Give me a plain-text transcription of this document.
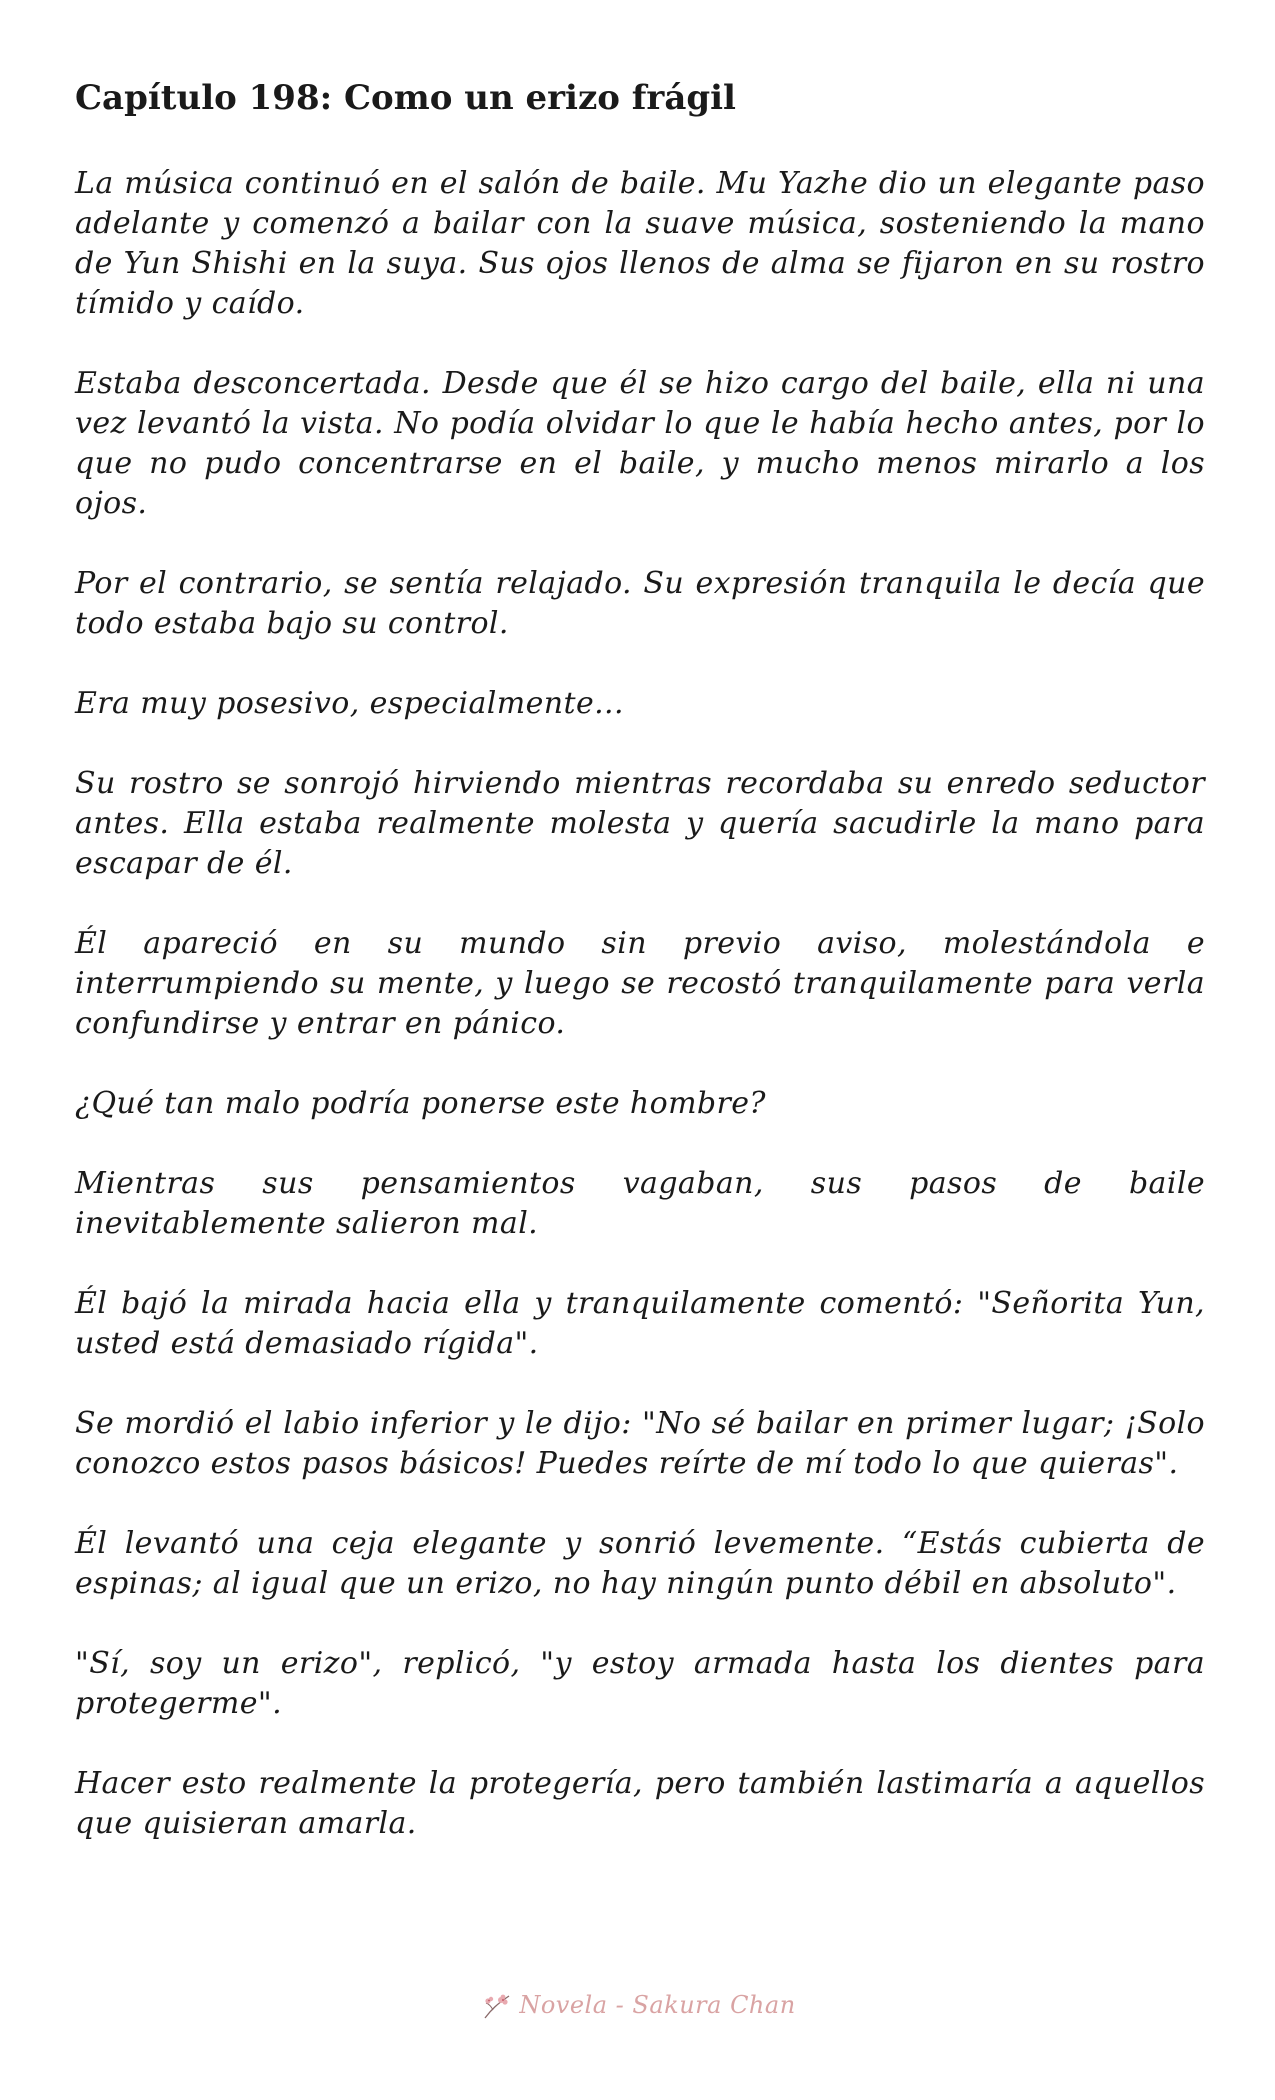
Capítulo 198: Como un erizo frágil

La música continuó en el salón de baile. Mu Yazhe dio un elegante paso adelante y comenzó a bailar con la suave música, sosteniendo la mano de Yun Shishi en la suya. Sus ojos llenos de alma se fijaron en su rostro tímido y caído.

Estaba desconcertada. Desde que él se hizo cargo del baile, ella ni una vez levantó la vista. No podía olvidar lo que le había hecho antes, por lo que no pudo concentrarse en el baile, y mucho menos mirarlo a los ojos.

Por el contrario, se sentía relajado. Su expresión tranquila le decía que todo estaba bajo su control.

Era muy posesivo, especialmente...

Su rostro se sonrojó hirviendo mientras recordaba su enredo seductor antes. Ella estaba realmente molesta y quería sacudirle la mano para escapar de él.

Él apareció en su mundo sin previo aviso, molestándola e interrumpiendo su mente, y luego se recostó tranquilamente para verla confundirse y entrar en pánico.

¿Qué tan malo podría ponerse este hombre?

Mientras sus pensamientos vagaban, sus pasos de baile inevitablemente salieron mal.

Él bajó la mirada hacia ella y tranquilamente comentó: "Señorita Yun, usted está demasiado rígida".

Se mordió el labio inferior y le dijo: "No sé bailar en primer lugar; ¡Solo conozco estos pasos básicos! Puedes reírte de mí todo lo que quieras".

Él levantó una ceja elegante y sonrió levemente. “Estás cubierta de espinas; al igual que un erizo, no hay ningún punto débil en absoluto".

"Sí, soy un erizo", replicó, "y estoy armada hasta los dientes para protegerme".

Hacer esto realmente la protegería, pero también lastimaría a aquellos que quisieran amarla.

Novela - Sakura Chan
